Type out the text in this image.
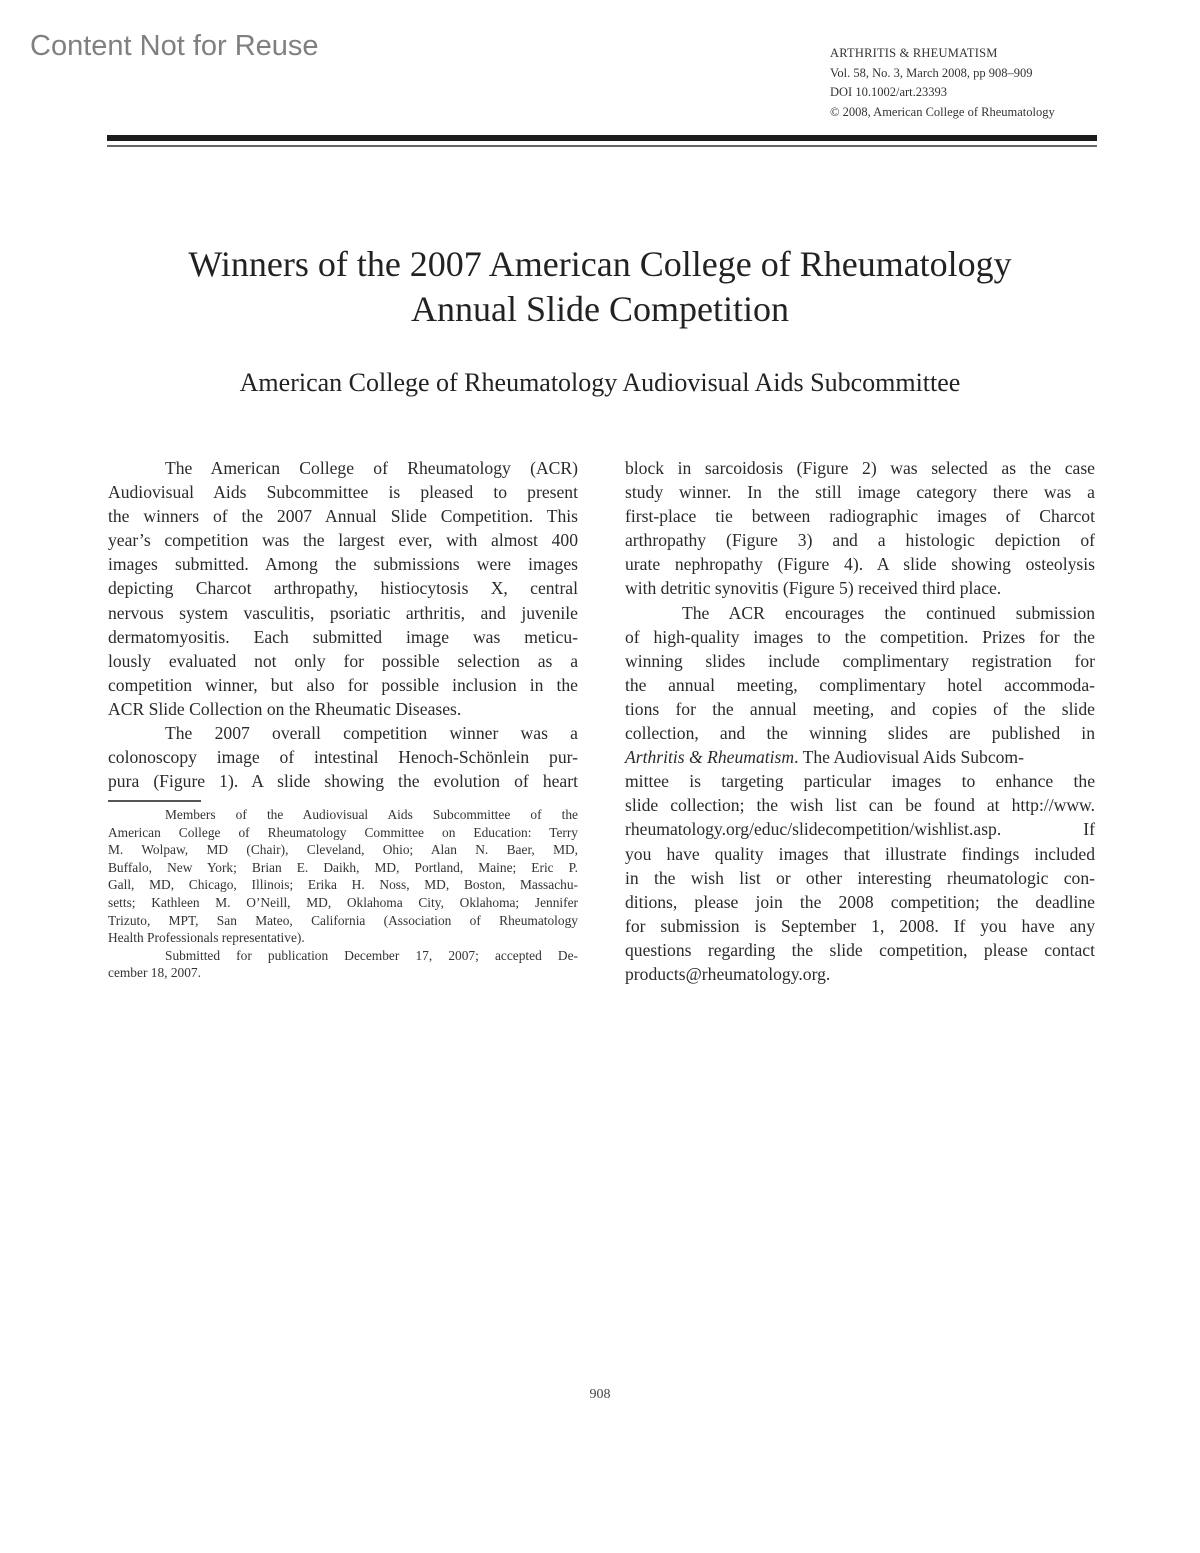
Content Not for Reuse	ARTHRITIS & RHEUMATISM
Vol. 58, No. 3, March 2008, pp 908–909
DOI 10.1002/art.23393
© 2008, American College of Rheumatology
Winners of the 2007 American College of Rheumatology
Annual Slide Competition
American College of Rheumatology Audiovisual Aids Subcommittee
The American College of Rheumatology (ACR)
Audiovisual Aids Subcommittee is pleased to present
the winners of the 2007 Annual Slide Competition. This
year’s competition was the largest ever, with almost 400
images submitted. Among the submissions were images
depicting Charcot arthropathy, histiocytosis X, central
nervous system vasculitis, psoriatic arthritis, and juvenile
dermatomyositis. Each submitted image was meticu-
lously evaluated not only for possible selection as a
competition winner, but also for possible inclusion in the
ACR Slide Collection on the Rheumatic Diseases.
The 2007 overall competition winner was a
colonoscopy image of intestinal Henoch-Schönlein pur-
pura (Figure 1). A slide showing the evolution of heart
Members of the Audiovisual Aids Subcommittee of the
American College of Rheumatology Committee on Education: Terry
M. Wolpaw, MD (Chair), Cleveland, Ohio; Alan N. Baer, MD,
Buffalo, New York; Brian E. Daikh, MD, Portland, Maine; Eric P.
Gall, MD, Chicago, Illinois; Erika H. Noss, MD, Boston, Massachu-
setts; Kathleen M. O’Neill, MD, Oklahoma City, Oklahoma; Jennifer
Trizuto, MPT, San Mateo, California (Association of Rheumatology
Health Professionals representative).
Submitted for publication December 17, 2007; accepted De-
cember 18, 2007.
block in sarcoidosis (Figure 2) was selected as the case
study winner. In the still image category there was a
first-place tie between radiographic images of Charcot
arthropathy (Figure 3) and a histologic depiction of
urate nephropathy (Figure 4). A slide showing osteolysis
with detritic synovitis (Figure 5) received third place.
The ACR encourages the continued submission
of high-quality images to the competition. Prizes for the
winning slides include complimentary registration for
the annual meeting, complimentary hotel accommoda-
tions for the annual meeting, and copies of the slide
collection, and the winning slides are published in
Arthritis & Rheumatism. The Audiovisual Aids Subcom-
mittee is targeting particular images to enhance the
slide collection; the wish list can be found at http://www.
rheumatology.org/educ/slidecompetition/wishlist.asp. If
you have quality images that illustrate findings included
in the wish list or other interesting rheumatologic con-
ditions, please join the 2008 competition; the deadline
for submission is September 1, 2008. If you have any
questions regarding the slide competition, please contact
products@rheumatology.org.
908
